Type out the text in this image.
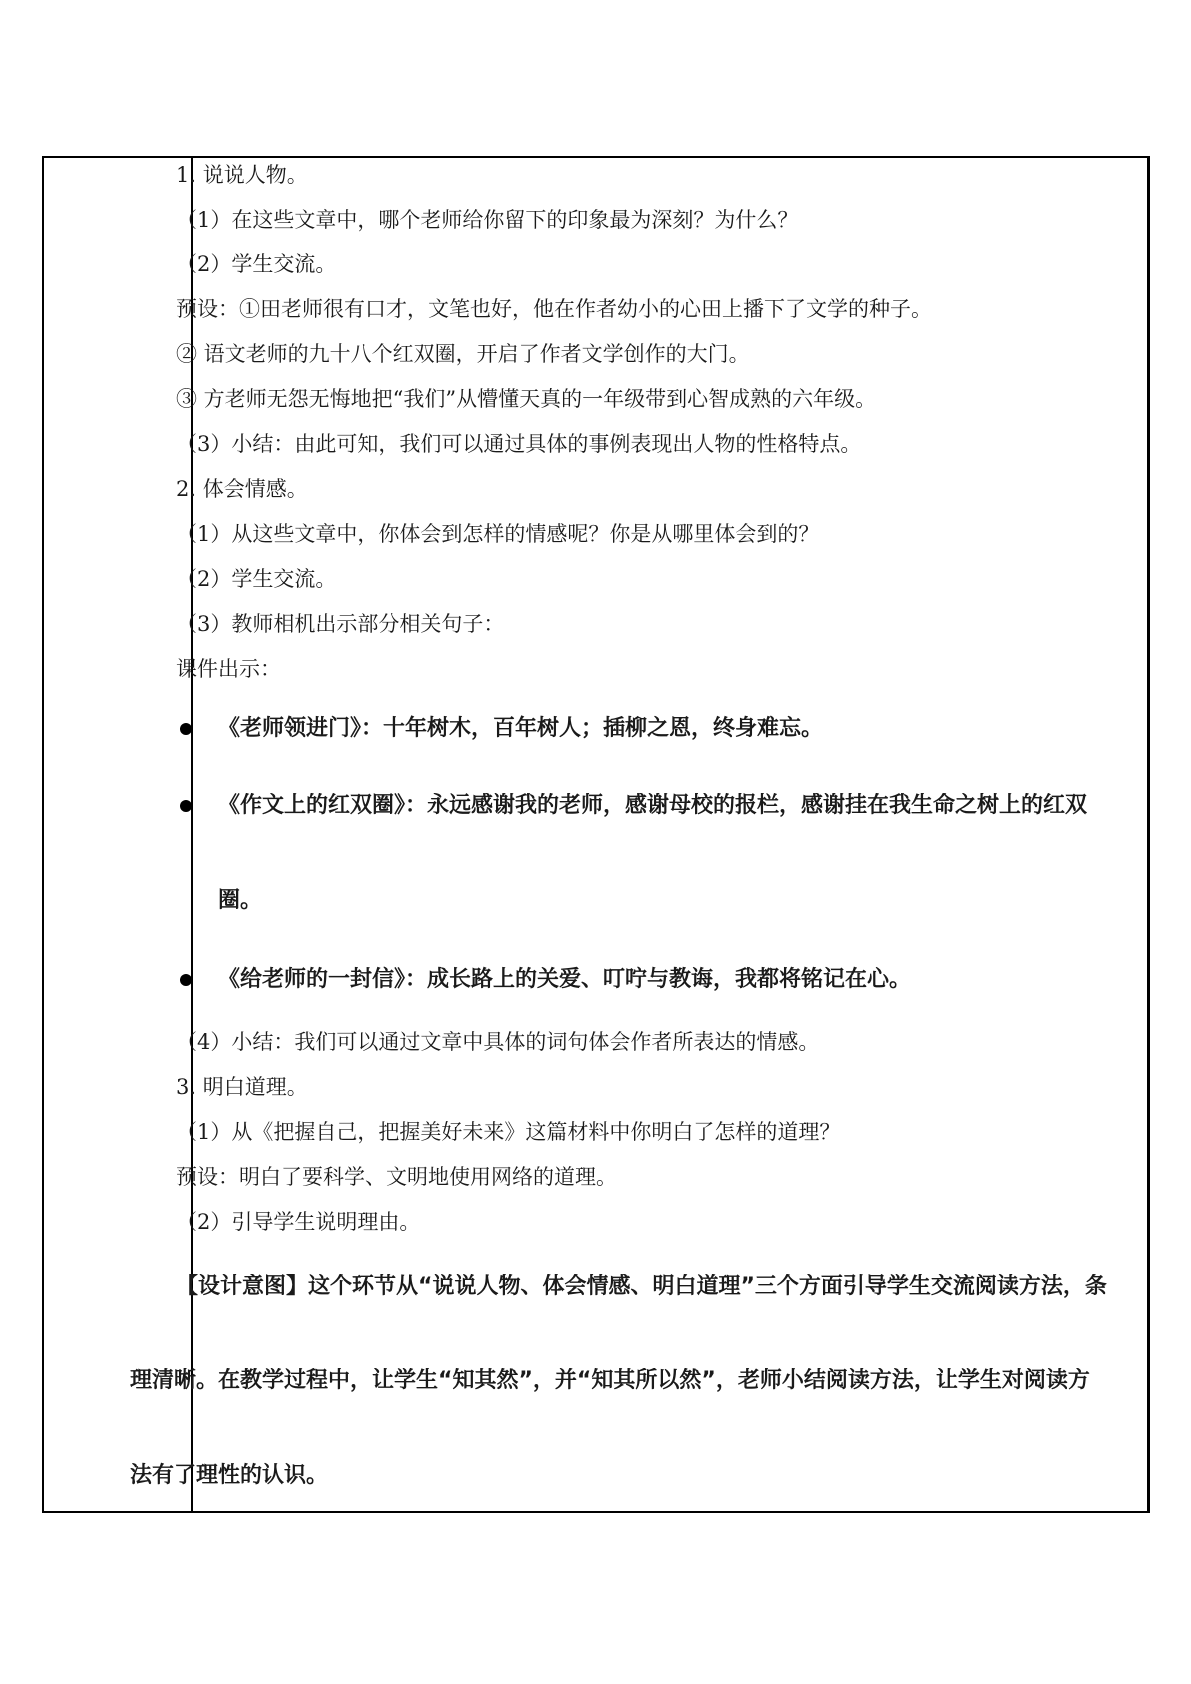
1. 说说人物。
（1）在这些文章中，哪个老师给你留下的印象最为深刻？为什么？
（2）学生交流。
预设：①田老师很有口才，文笔也好，他在作者幼小的心田上播下了文学的种子。
② 语文老师的九十八个红双圈，开启了作者文学创作的大门。
③ 方老师无怨无悔地把“我们”从懵懂天真的一年级带到心智成熟的六年级。
（3）小结：由此可知，我们可以通过具体的事例表现出人物的性格特点。
2. 体会情感。
（1）从这些文章中，你体会到怎样的情感呢？你是从哪里体会到的？
（2）学生交流。
（3）教师相机出示部分相关句子：
课件出示：
《老师领进门》：十年树木，百年树人；插柳之恩，终身难忘。
《作文上的红双圈》：永远感谢我的老师，感谢母校的报栏，感谢挂在我生命之树上的红双
圈。
《给老师的一封信》：成长路上的关爱、叮咛与教诲，我都将铭记在心。
（4）小结：我们可以通过文章中具体的词句体会作者所表达的情感。
3. 明白道理。
（1）从《把握自己，把握美好未来》这篇材料中你明白了怎样的道理？
预设：明白了要科学、文明地使用网络的道理。
（2）引导学生说明理由。
【设计意图】这个环节从“说说人物、体会情感、明白道理”三个方面引导学生交流阅读方法，条
理清晰。在教学过程中，让学生“知其然”，并“知其所以然”，老师小结阅读方法，让学生对阅读方
法有了理性的认识。
